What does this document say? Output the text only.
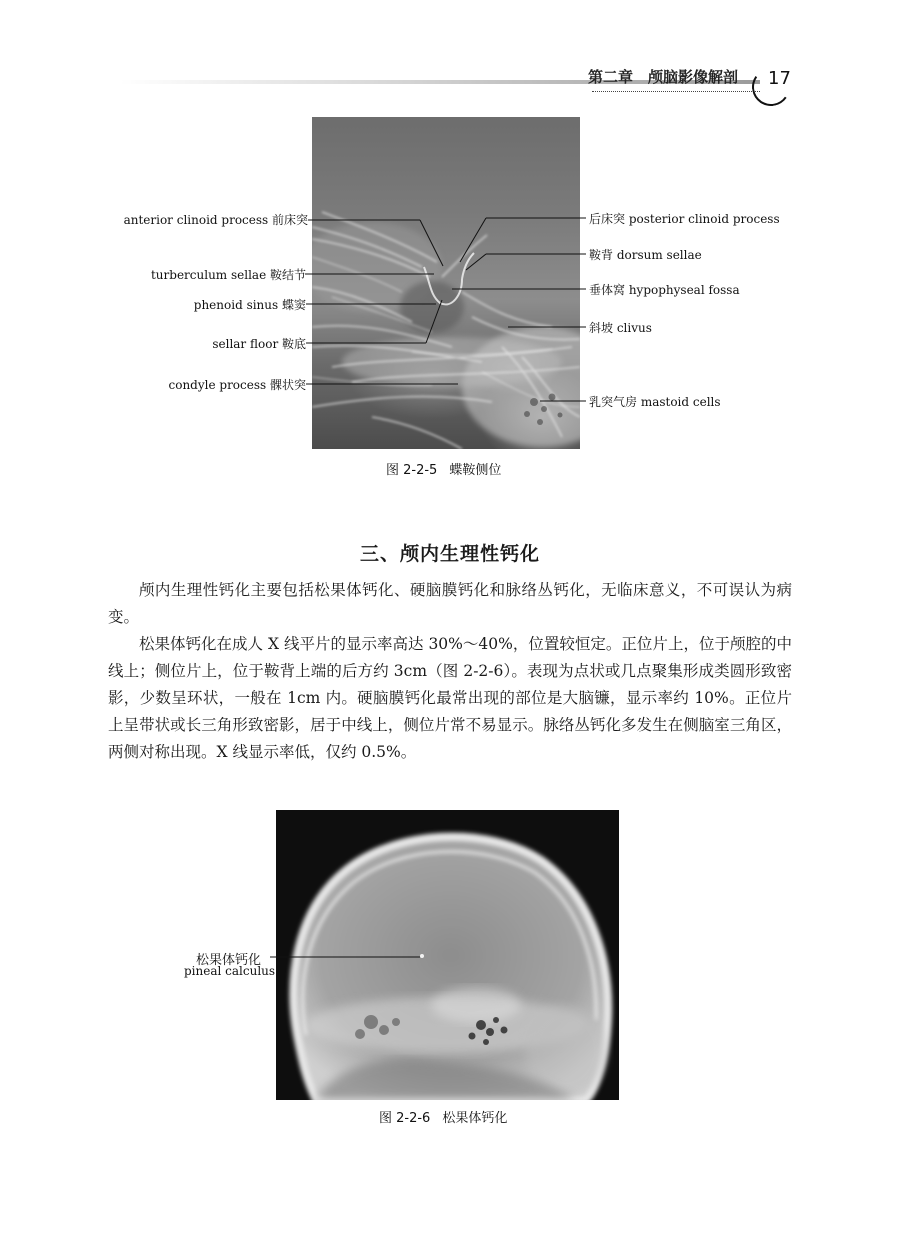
第二章　颅脑影像解剖 17
anterior clinoid process 前床突
turberculum sellae 鞍结节
phenoid sinus 蝶窦
sellar floor 鞍底
condyle process 髁状突
后床突 posterior clinoid process
鞍背 dorsum sellae
垂体窝 hypophyseal fossa
斜坡 clivus
乳突气房 mastoid cells
图 2-2-5 蝶鞍侧位
三、颅内生理性钙化

颅内生理性钙化主要包括松果体钙化、硬脑膜钙化和脉络丛钙化，无临床意义，不可误认为病变。

松果体钙化在成人 X 线平片的显示率高达 30%～40%，位置较恒定。正位片上，位于颅腔的中线上；侧位片上，位于鞍背上端的后方约 3cm（图 2-2-6）。表现为点状或几点聚集形成类圆形致密影，少数呈环状，一般在 1cm 内。硬脑膜钙化最常出现的部位是大脑镰，显示率约 10%。正位片上呈带状或长三角形致密影，居于中线上，侧位片常不易显示。脉络丛钙化多发生在侧脑室三角区，两侧对称出现。X 线显示率低，仅约 0.5%。

松果体钙化
pineal calculus
图 2-2-6 松果体钙化
